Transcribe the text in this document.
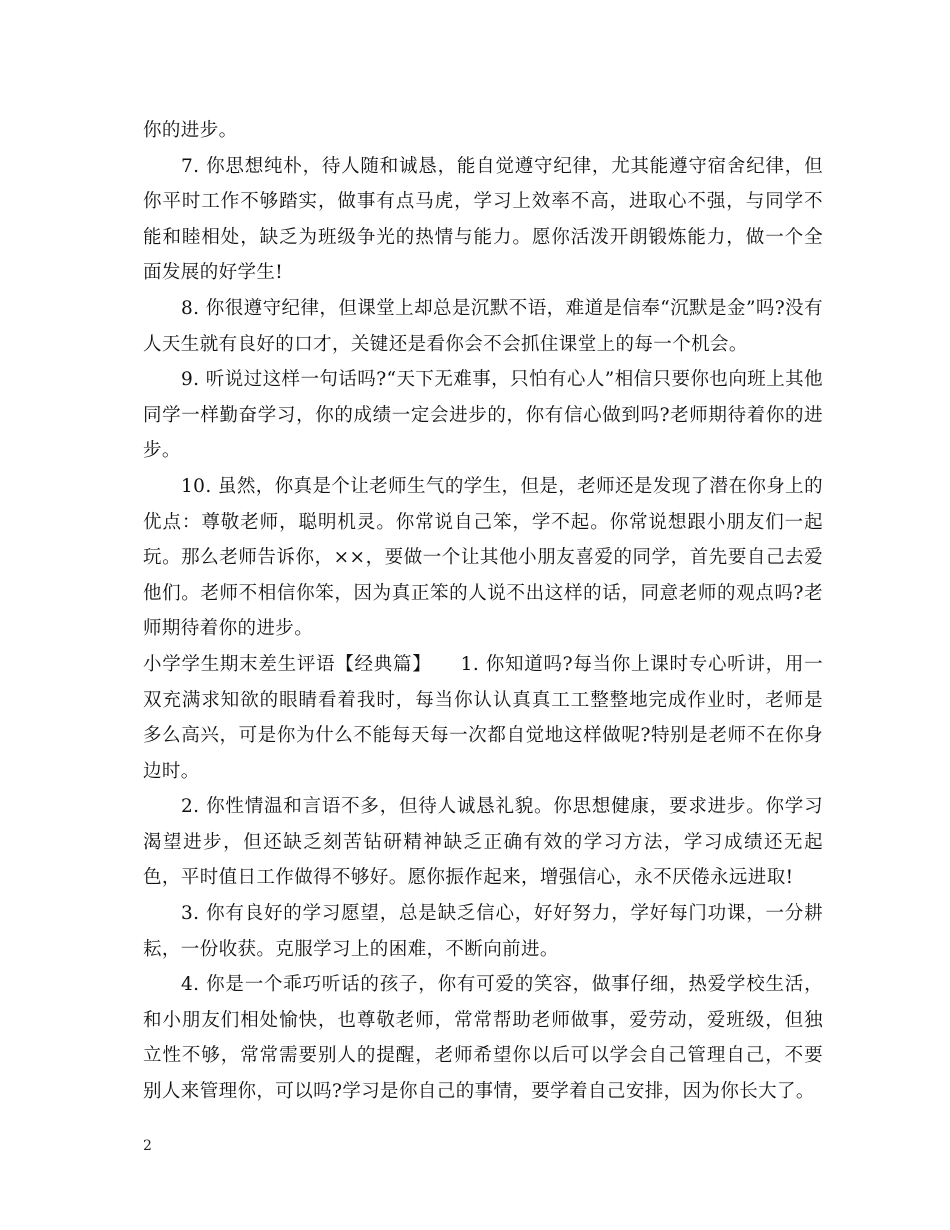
你的进步。

7. 你思想纯朴，待人随和诚恳，能自觉遵守纪律，尤其能遵守宿舍纪律，但你平时工作不够踏实，做事有点马虎，学习上效率不高，进取心不强，与同学不能和睦相处，缺乏为班级争光的热情与能力。愿你活泼开朗锻炼能力，做一个全面发展的好学生!

8. 你很遵守纪律，但课堂上却总是沉默不语，难道是信奉“沉默是金”吗?没有人天生就有良好的口才，关键还是看你会不会抓住课堂上的每一个机会。

9. 听说过这样一句话吗?“天下无难事，只怕有心人”相信只要你也向班上其他同学一样勤奋学习，你的成绩一定会进步的，你有信心做到吗?老师期待着你的进步。

10. 虽然，你真是个让老师生气的学生，但是，老师还是发现了潜在你身上的优点：尊敬老师，聪明机灵。你常说自己笨，学不起。你常说想跟小朋友们一起玩。那么老师告诉你，××，要做一个让其他小朋友喜爱的同学，首先要自己去爱他们。老师不相信你笨，因为真正笨的人说不出这样的话，同意老师的观点吗?老师期待着你的进步。

小学学生期末差生评语【经典篇】　　1. 你知道吗?每当你上课时专心听讲，用一双充满求知欲的眼睛看着我时，每当你认认真真工工整整地完成作业时，老师是多么高兴，可是你为什么不能每天每一次都自觉地这样做呢?特别是老师不在你身边时。

2. 你性情温和言语不多，但待人诚恳礼貌。你思想健康，要求进步。你学习渴望进步，但还缺乏刻苦钻研精神缺乏正确有效的学习方法，学习成绩还无起色，平时值日工作做得不够好。愿你振作起来，增强信心，永不厌倦永远进取!

3. 你有良好的学习愿望，总是缺乏信心，好好努力，学好每门功课，一分耕耘，一份收获。克服学习上的困难，不断向前进。

4. 你是一个乖巧听话的孩子，你有可爱的笑容，做事仔细，热爱学校生活，和小朋友们相处愉快，也尊敬老师，常常帮助老师做事，爱劳动，爱班级，但独立性不够，常常需要别人的提醒，老师希望你以后可以学会自己管理自己，不要别人来管理你，可以吗?学习是你自己的事情，要学着自己安排，因为你长大了。

2
